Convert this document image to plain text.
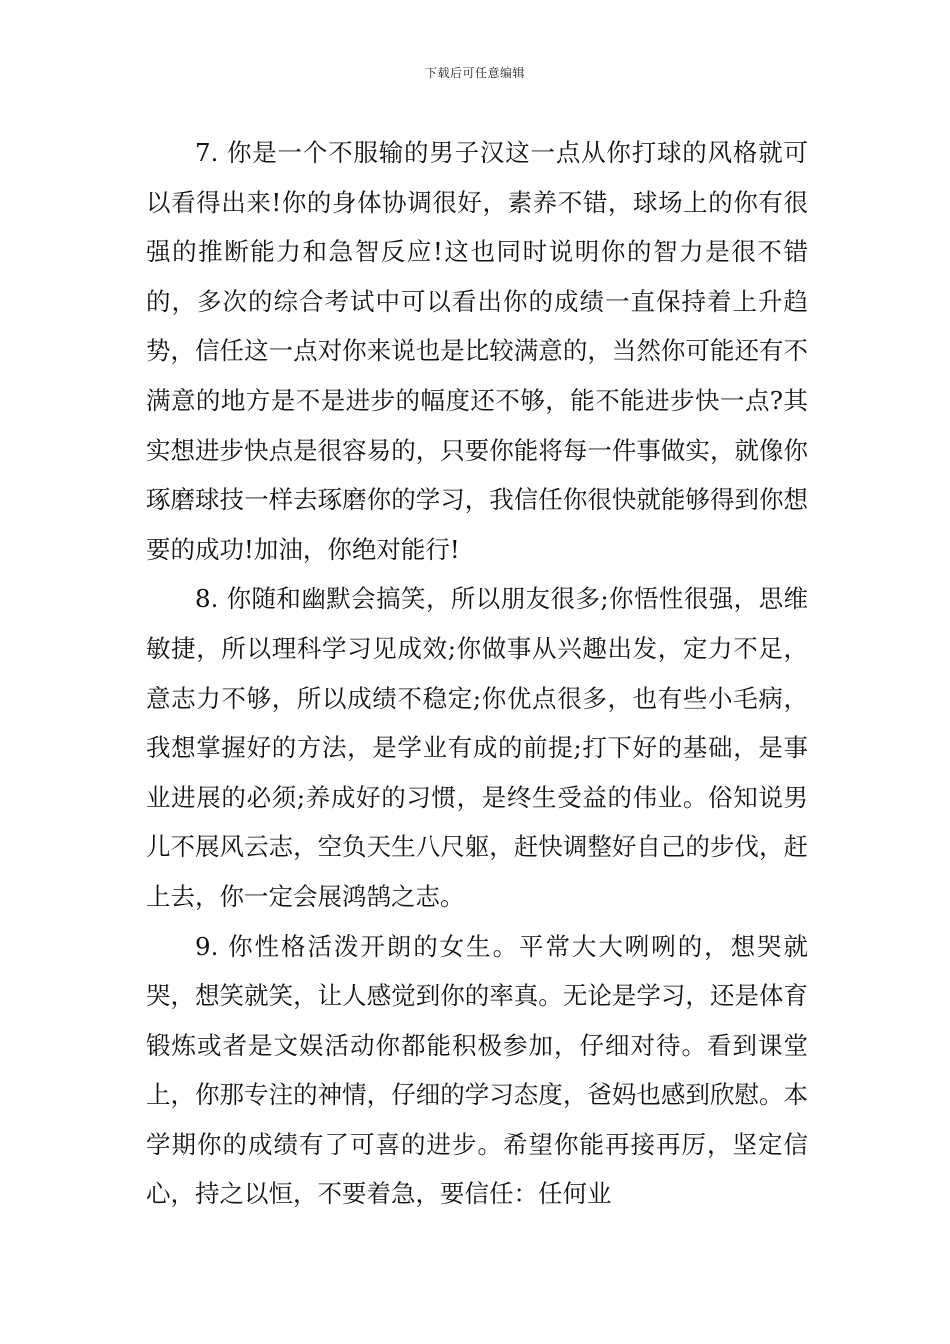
下载后可任意编辑

7. 你是一个不服输的男子汉这一点从你打球的风格就可以看得出来!你的身体协调很好，素养不错，球场上的你有很强的推断能力和急智反应!这也同时说明你的智力是很不错的，多次的综合考试中可以看出你的成绩一直保持着上升趋势，信任这一点对你来说也是比较满意的，当然你可能还有不满意的地方是不是进步的幅度还不够，能不能进步快一点?其实想进步快点是很容易的，只要你能将每一件事做实，就像你琢磨球技一样去琢磨你的学习，我信任你很快就能够得到你想要的成功!加油，你绝对能行!

8. 你随和幽默会搞笑，所以朋友很多;你悟性很强，思维敏捷，所以理科学习见成效;你做事从兴趣出发，定力不足，意志力不够，所以成绩不稳定;你优点很多，也有些小毛病，我想掌握好的方法，是学业有成的前提;打下好的基础，是事业进展的必须;养成好的习惯，是终生受益的伟业。俗知说男儿不展风云志，空负天生八尺躯，赶快调整好自己的步伐，赶上去，你一定会展鸿鹄之志。

9. 你性格活泼开朗的女生。平常大大咧咧的，想哭就哭，想笑就笑，让人感觉到你的率真。无论是学习，还是体育锻炼或者是文娱活动你都能积极参加，仔细对待。看到课堂上，你那专注的神情，仔细的学习态度，爸妈也感到欣慰。本学期你的成绩有了可喜的进步。希望你能再接再厉，坚定信心，持之以恒，不要着急，要信任：任何业
